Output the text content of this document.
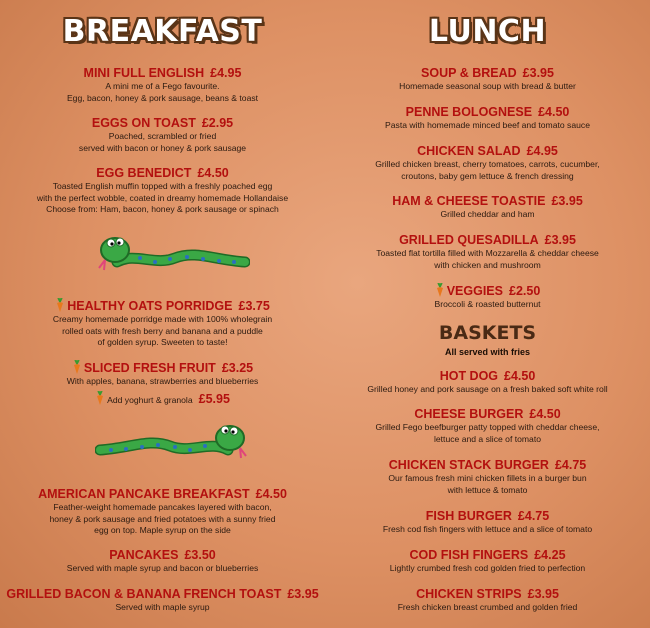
BREAKFAST
MINI FULL ENGLISH £4.95
A mini me of a Fego favourite.
Egg, bacon, honey & pork sausage, beans & toast
EGGS ON TOAST £2.95
Poached, scrambled or fried
served with bacon or honey & pork sausage
EGG BENEDICT £4.50
Toasted English muffin topped with a freshly poached egg
with the perfect wobble, coated in dreamy homemade Hollandaise
Choose from: Ham, bacon, honey & pork sausage or spinach
HEALTHY OATS PORRIDGE £3.75
Creamy homemade porridge made with 100% wholegrain
rolled oats with fresh berry and banana and a puddle
of golden syrup. Sweeten to taste!
SLICED FRESH FRUIT £3.25
With apples, banana, strawberries and blueberries
Add yoghurt & granola £5.95
AMERICAN PANCAKE BREAKFAST £4.50
Feather-weight homemade pancakes layered with bacon,
honey & pork sausage and fried potatoes with a sunny fried
egg on top. Maple syrup on the side
PANCAKES £3.50
Served with maple syrup and bacon or blueberries
GRILLED BACON & BANANA FRENCH TOAST £3.95
Served with maple syrup
LUNCH
SOUP & BREAD £3.95
Homemade seasonal soup with bread & butter
PENNE BOLOGNESE £4.50
Pasta with homemade minced beef and tomato sauce
CHICKEN SALAD £4.95
Grilled chicken breast, cherry tomatoes, carrots, cucumber,
croutons, baby gem lettuce & french dressing
HAM & CHEESE TOASTIE £3.95
Grilled cheddar and ham
GRILLED QUESADILLA £3.95
Toasted flat tortilla filled with Mozzarella & cheddar cheese
with chicken and mushroom
VEGGIES £2.50
Broccoli & roasted butternut
BASKETS
All served with fries
HOT DOG £4.50
Grilled honey and pork sausage on a fresh baked soft white roll
CHEESE BURGER £4.50
Grilled Fego beefburger patty topped with cheddar cheese,
lettuce and a slice of tomato
CHICKEN STACK BURGER £4.75
Our famous fresh mini chicken fillets in a burger bun
with lettuce & tomato
FISH BURGER £4.75
Fresh cod fish fingers with lettuce and a slice of tomato
COD FISH FINGERS £4.25
Lightly crumbed fresh cod golden fried to perfection
CHICKEN STRIPS £3.95
Fresh chicken breast crumbed and golden fried
